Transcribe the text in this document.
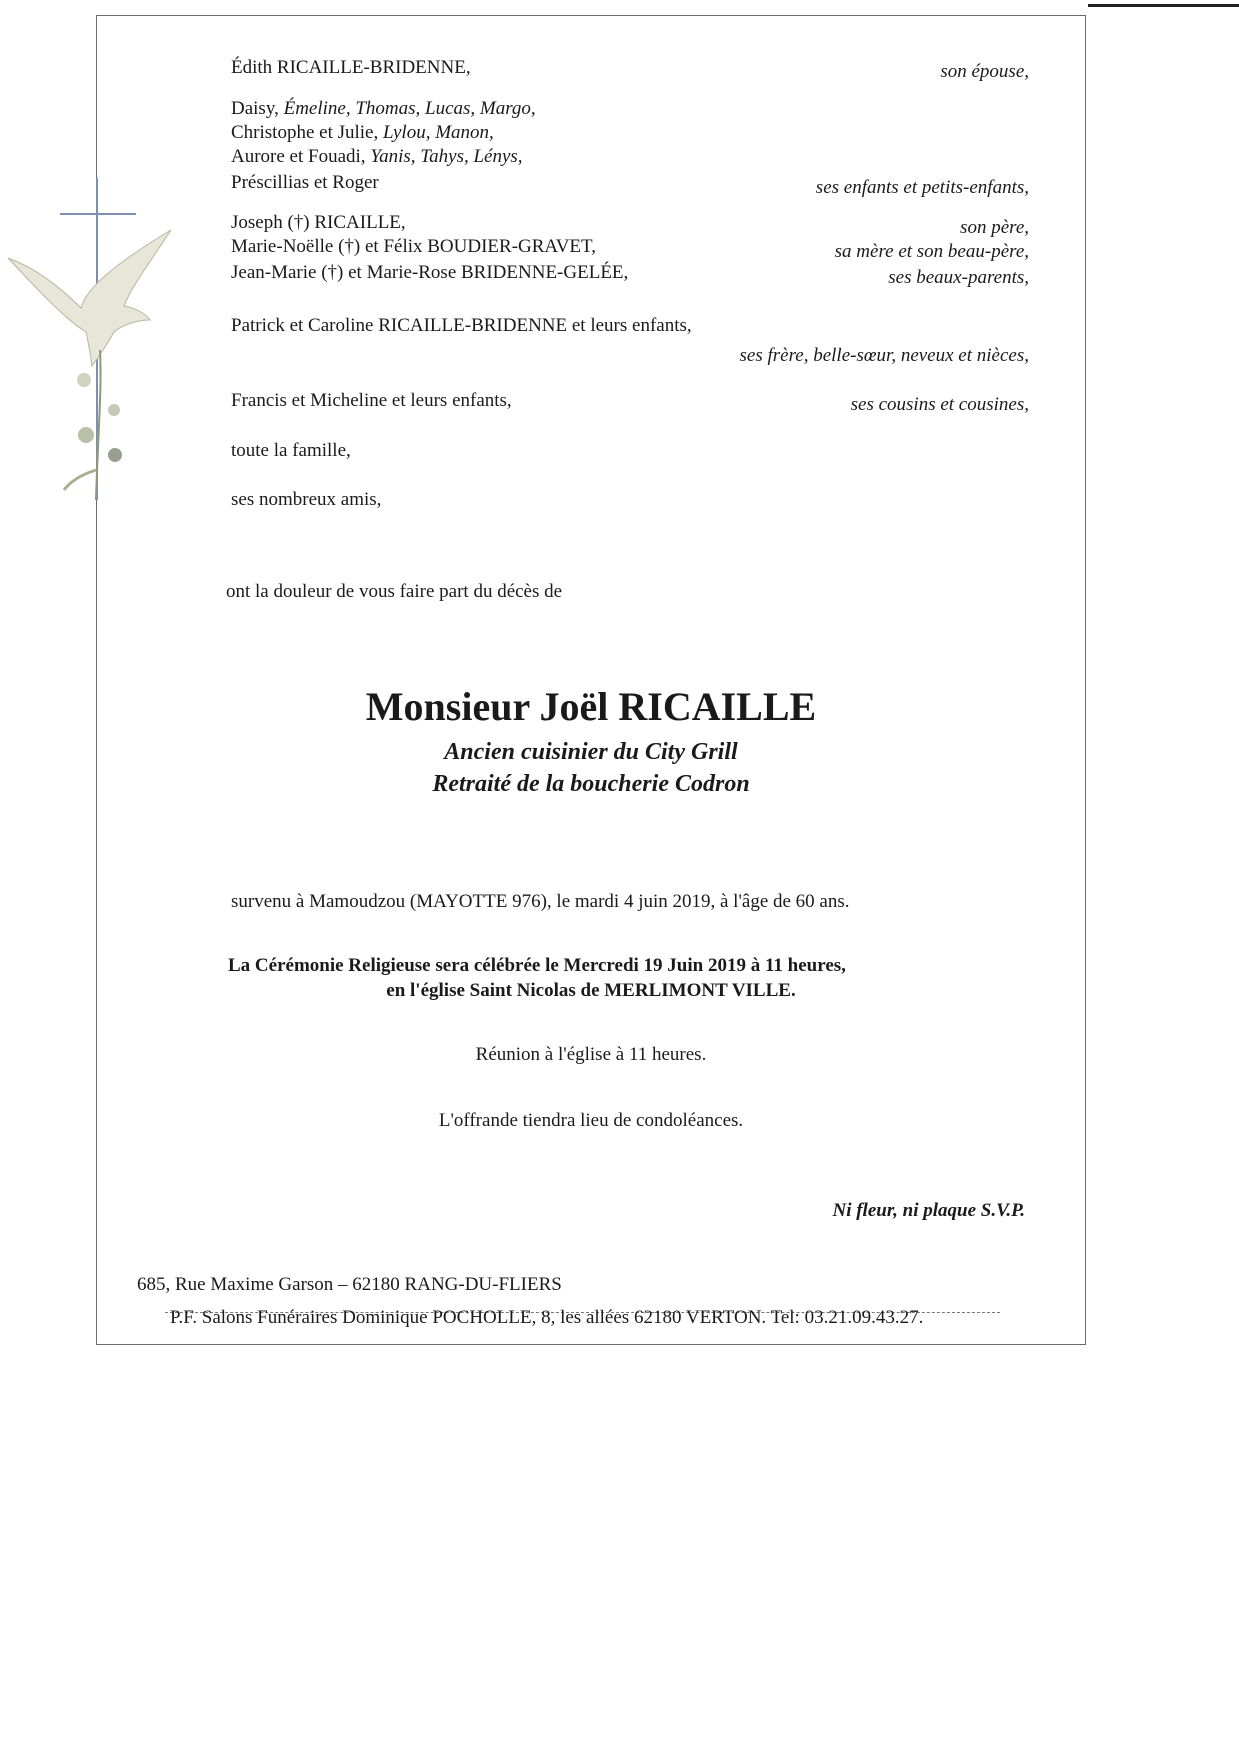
Édith RICAILLE-BRIDENNE,	son épouse,
Daisy, Émeline, Thomas, Lucas, Margo,
Christophe et Julie, Lylou, Manon,
Aurore et Fouadi, Yanis, Tahys, Lénys,
Préscillias et Roger	ses enfants et petits-enfants,
Joseph (†) RICAILLE,	son père,
Marie-Noëlle (†) et Félix BOUDIER-GRAVET,	sa mère et son beau-père,
Jean-Marie (†) et Marie-Rose BRIDENNE-GELÉE,	ses beaux-parents,
Patrick et Caroline RICAILLE-BRIDENNE et leurs enfants,
ses frère, belle-sœur, neveux et nièces,
Francis et Micheline et leurs enfants,	ses cousins et cousines,
toute la famille,
ses nombreux amis,
ont la douleur de vous faire part du décès de
Monsieur Joël RICAILLE
Ancien cuisinier du City Grill
Retraité de la boucherie Codron
survenu à Mamoudzou (MAYOTTE 976), le mardi 4 juin 2019, à l'âge de 60 ans.
La Cérémonie Religieuse sera célébrée le Mercredi 19 Juin 2019 à 11 heures,
en l'église Saint Nicolas de MERLIMONT VILLE.
Réunion à l'église à 11 heures.
L'offrande tiendra lieu de condoléances.
Ni fleur, ni plaque S.V.P.
685, Rue Maxime Garson – 62180 RANG-DU-FLIERS
P.F. Salons Funéraires Dominique POCHOLLE, 8, les allées 62180 VERTON. Tel: 03.21.09.43.27.
